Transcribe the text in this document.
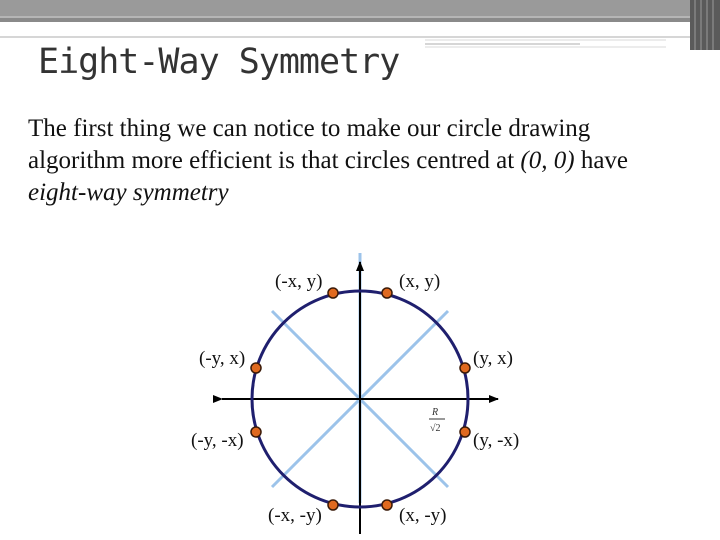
Eight-Way Symmetry

The first thing we can notice to make our circle drawing algorithm more efficient is that circles centred at (0, 0) have eight-way symmetry

R
√2
(-x, y)	(x, y)
(-y, x)	(y, x)
(-y, -x)	(y, -x)
(-x, -y)	(x, -y)
